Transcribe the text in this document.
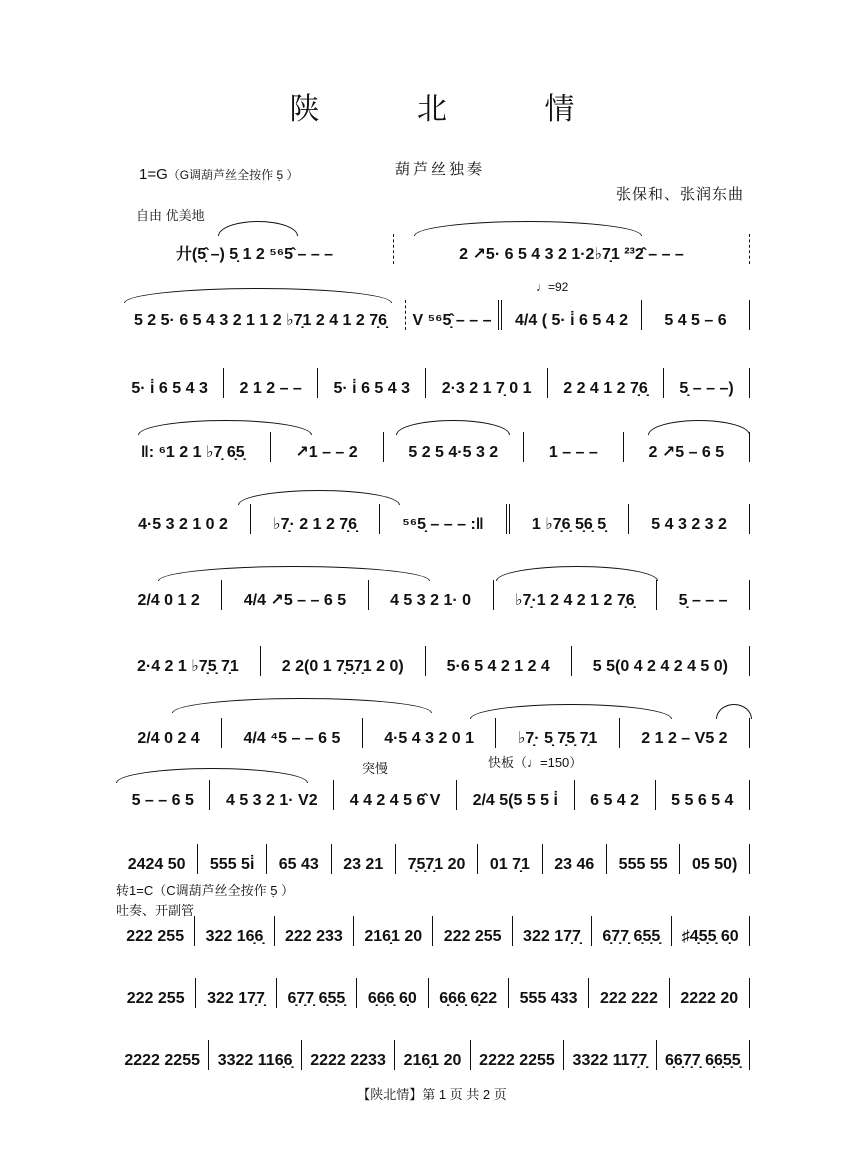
陕 北 情
葫芦丝独奏
1=G（G调葫芦丝全按作 5̣ ）
张保和、张润东曲
自由 优美地
廾(5̣̂ –) 5̣ 1 2 ⁵⁶5̂ – – –	2 ↗5· 6 5 4 3 2 1·2♭7̣1 ²³2̂ – – –
♩=92
5 2 5· 6 5 4 3 2 1 1 2 ♭7̣1 2 4 1 2 7̣6̣	V ⁵⁶5̣̂ – – –	4/4 ( 5· i̇ 6 5 4 2	5 4 5 – 6
5· i̇ 6 5 4 3	2 1 2 – –	5· i̇ 6 5 4 3	2·3 2 1 7̣ 0 1	2 2 4 1 2 7̣6̣	5̣ – – –)
‖: ⁶1 2 1 ♭7̣ 6̣5̣	↗1 – – 2	5 2 5 4·5 3 2	1 – – –	2 ↗5 – 6 5
4·5 3 2 1 0 2	♭7̣· 2 1 2 7̣6̣	⁵⁶5̣ – – – :‖	1 ♭7̣6̣ 5̣6̣ 5̣	5 4 3 2 3 2
2/4 0 1 2	4/4 ↗5 – – 6 5	4 5 3 2 1· 0	♭7̣·1 2 4 2 1 2 7̣6̣	5̣ – – –
2·4 2 1 ♭7̣5̣ 7̣1	2 2(0 1 7̣5̣7̣1 2 0)	5·6 5 4 2 1 2 4	5 5(0 4 2 4 2 4 5 0)
2/4 0 2 4	4/4 ⁴5 – – 6 5	4·5 4 3 2 0 1	♭7̣· 5̣ 7̣5̣ 7̣1	2 1 2 – V5 2
突慢	快板（♩=150）
5 – – 6 5	4 5 3 2 1· V2	4 4 2 4 5 6̂ V	2/4 5(5 5 5 i̇	6 5 4 2	5 5 6 5 4
2424 50	555 5i̇	65 43	23 21	7̣5̣7̣1 20	01 7̣1	23 46	555 55	05 50)
转1=C（C调葫芦丝全按作 5̣ ）
吐奏、开副管
222 255	322 16̣6̣	222 233	216̣1 20	222 255	322 17̣7̣	6̣7̣7̣ 6̣5̣5̣	♯4̣5̣5̣ 6̣0
222 255	322 17̣7̣	6̣7̣7̣ 6̣5̣5̣	6̣6̣6̣ 6̣0	6̣6̣6̣ 6̣22	555 433	222 222	2222 20
2222 2255	3322 116̣6̣	2222 2233	216̣1 20	2222 2255	3322 117̣7̣	6̣6̣7̣7̣ 6̣6̣5̣5̣
【陕北情】第 1 页 共 2 页
